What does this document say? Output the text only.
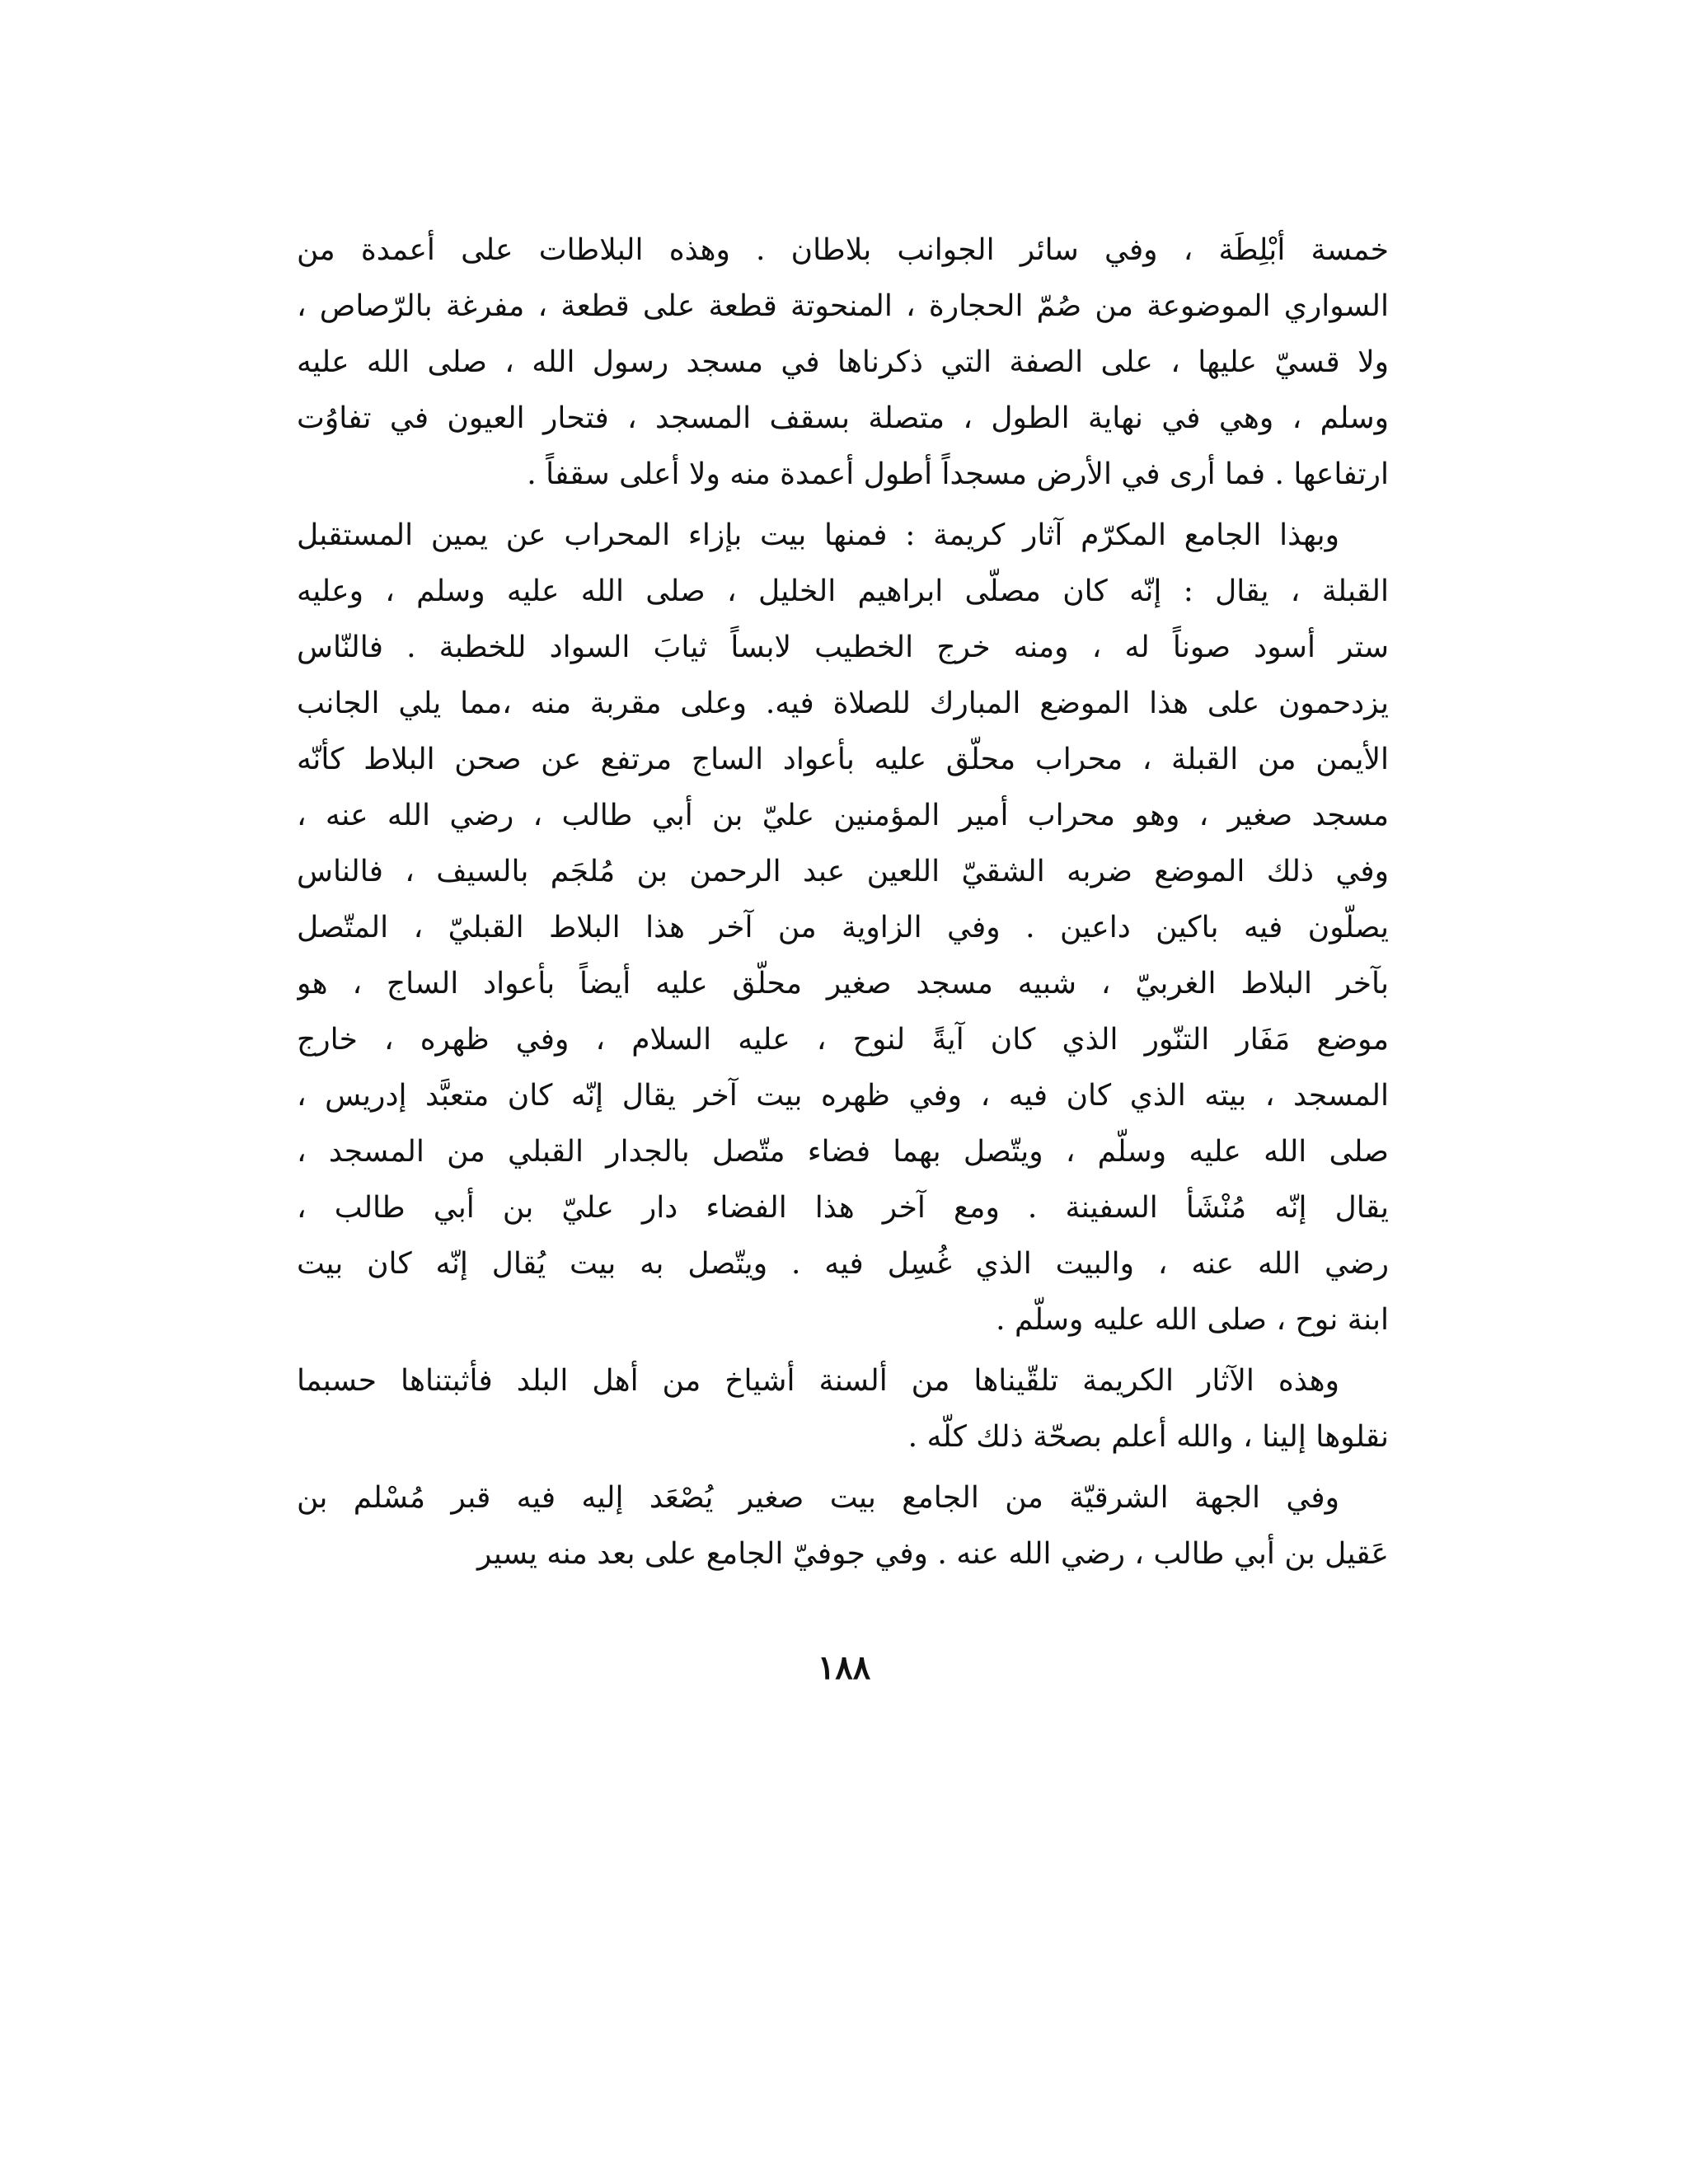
خمسة أبْلِطَة ، وفي سائر الجوانب بلاطان . وهذه البلاطات على أعمدة من
السواري الموضوعة من صُمّ الحجارة ، المنحوتة قطعة على قطعة ، مفرغة بالرّصاص ،
ولا قسيّ عليها ، على الصفة التي ذكرناها في مسجد رسول الله ، صلى الله عليه
وسلم ، وهي في نهاية الطول ، متصلة بسقف المسجد ، فتحار العيون في تفاوُت
ارتفاعها . فما أرى في الأرض مسجداً أطول أعمدة منه ولا أعلى سقفاً .
وبهذا الجامع المكرّم آثار كريمة : فمنها بيت بإزاء المحراب عن يمين المستقبل
القبلة ، يقال : إنّه كان مصلّى ابراهيم الخليل ، صلى الله عليه وسلم ، وعليه
ستر أسود صوناً له ، ومنه خرج الخطيب لابساً ثيابَ السواد للخطبة . فالنّاس
يزدحمون على هذا الموضع المبارك للصلاة فيه. وعلى مقربة منه ،مما يلي الجانب
الأيمن من القبلة ، محراب محلّق عليه بأعواد الساج مرتفع عن صحن البلاط كأنّه
مسجد صغير ، وهو محراب أمير المؤمنين عليّ بن أبي طالب ، رضي الله عنه ،
وفي ذلك الموضع ضربه الشقيّ اللعين عبد الرحمن بن مُلجَم بالسيف ، فالناس
يصلّون فيه باكين داعين . وفي الزاوية من آخر هذا البلاط القبليّ ، المتّصل
بآخر البلاط الغربيّ ، شبيه مسجد صغير محلّق عليه أيضاً بأعواد الساج ، هو
موضع مَفَار التنّور الذي كان آيةً لنوح ، عليه السلام ، وفي ظهره ، خارج
المسجد ، بيته الذي كان فيه ، وفي ظهره بيت آخر يقال إنّه كان متعبَّد إدريس ،
صلى الله عليه وسلّم ، ويتّصل بهما فضاء متّصل بالجدار القبلي من المسجد ،
يقال إنّه مُنْشَأ السفينة . ومع آخر هذا الفضاء دار عليّ بن أبي طالب ،
رضي الله عنه ، والبيت الذي غُسِل فيه . ويتّصل به بيت يُقال إنّه كان بيت
ابنة نوح ، صلى الله عليه وسلّم .
وهذه الآثار الكريمة تلقّيناها من ألسنة أشياخ من أهل البلد فأثبتناها حسبما
نقلوها إلينا ، والله أعلم بصحّة ذلك كلّه .
وفي الجهة الشرقيّة من الجامع بيت صغير يُصْعَد إليه فيه قبر مُسْلم بن
عَقيل بن أبي طالب ، رضي الله عنه . وفي جوفيّ الجامع على بعد منه يسير
١٨٨
